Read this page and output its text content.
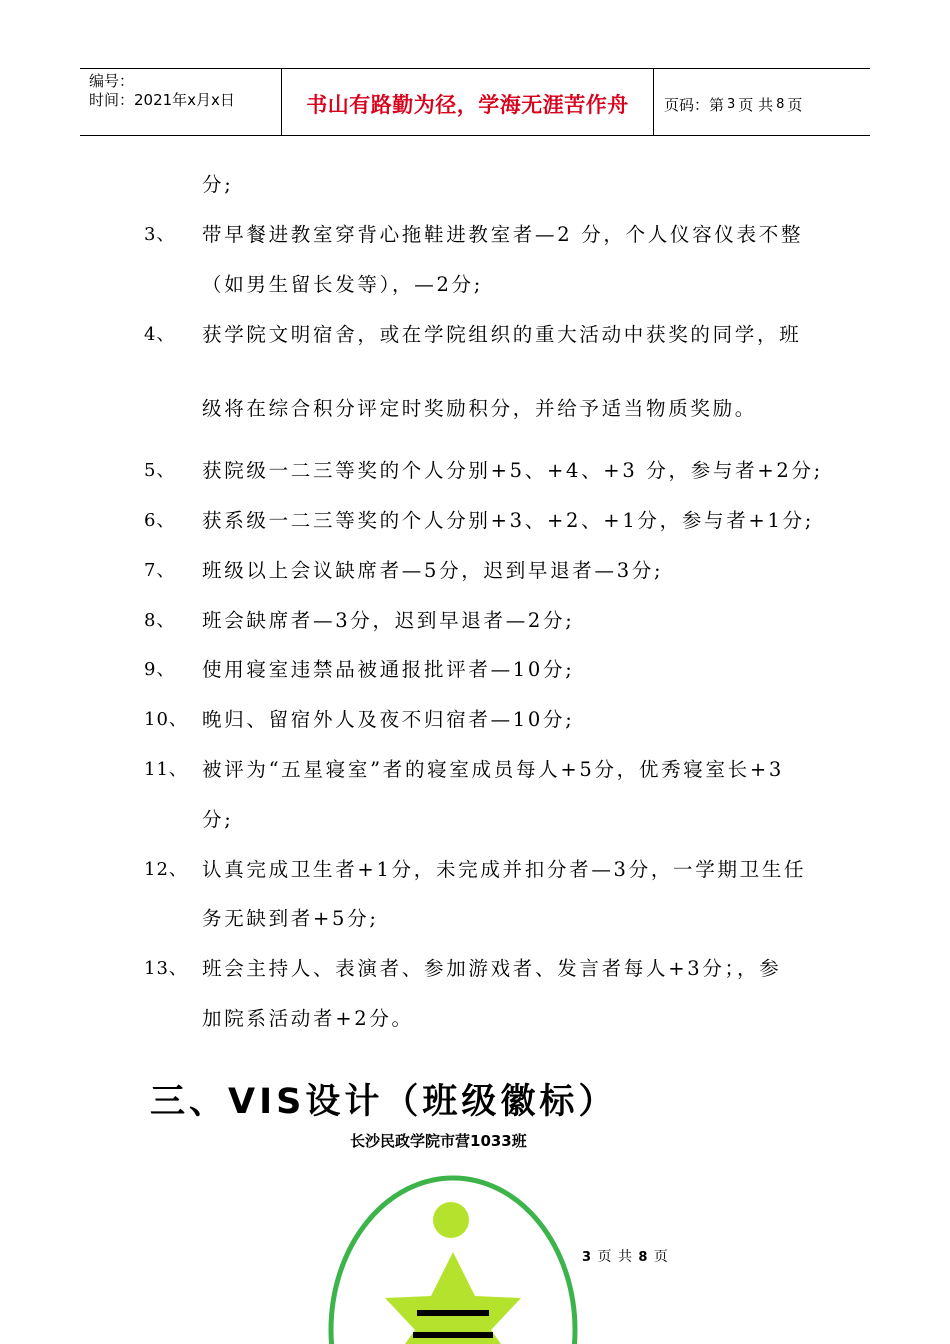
编号：
时间：2021年x月x日	书山有路勤为径，学海无涯苦作舟	页码：第 3 页 共 8 页
分;
3、 带早餐进教室穿背心拖鞋进教室者—2 分，个人仪容仪表不整
（如男生留长发等），—2分;
4、 获学院文明宿舍，或在学院组织的重大活动中获奖的同学，班
级将在综合积分评定时奖励积分，并给予适当物质奖励。
5、 获院级一二三等奖的个人分别+5、+4、+3 分，参与者+2分;
6、 获系级一二三等奖的个人分别+3、+2、+1分，参与者+1分;
7、 班级以上会议缺席者—5分，迟到早退者—3分;
8、 班会缺席者—3分，迟到早退者—2分;
9、 使用寝室违禁品被通报批评者—10分;
10、 晚归、留宿外人及夜不归宿者—10分;
11、 被评为“五星寝室”者的寝室成员每人+5分，优秀寝室长+3
分;
12、 认真完成卫生者+1分，未完成并扣分者—3分，一学期卫生任
务无缺到者+5分;
13、 班会主持人、表演者、参加游戏者、发言者每人+3分；，参
加院系活动者+2分。
三、VIS设计（班级徽标）
长沙民政学院市营1033班
3 页 共 8 页
